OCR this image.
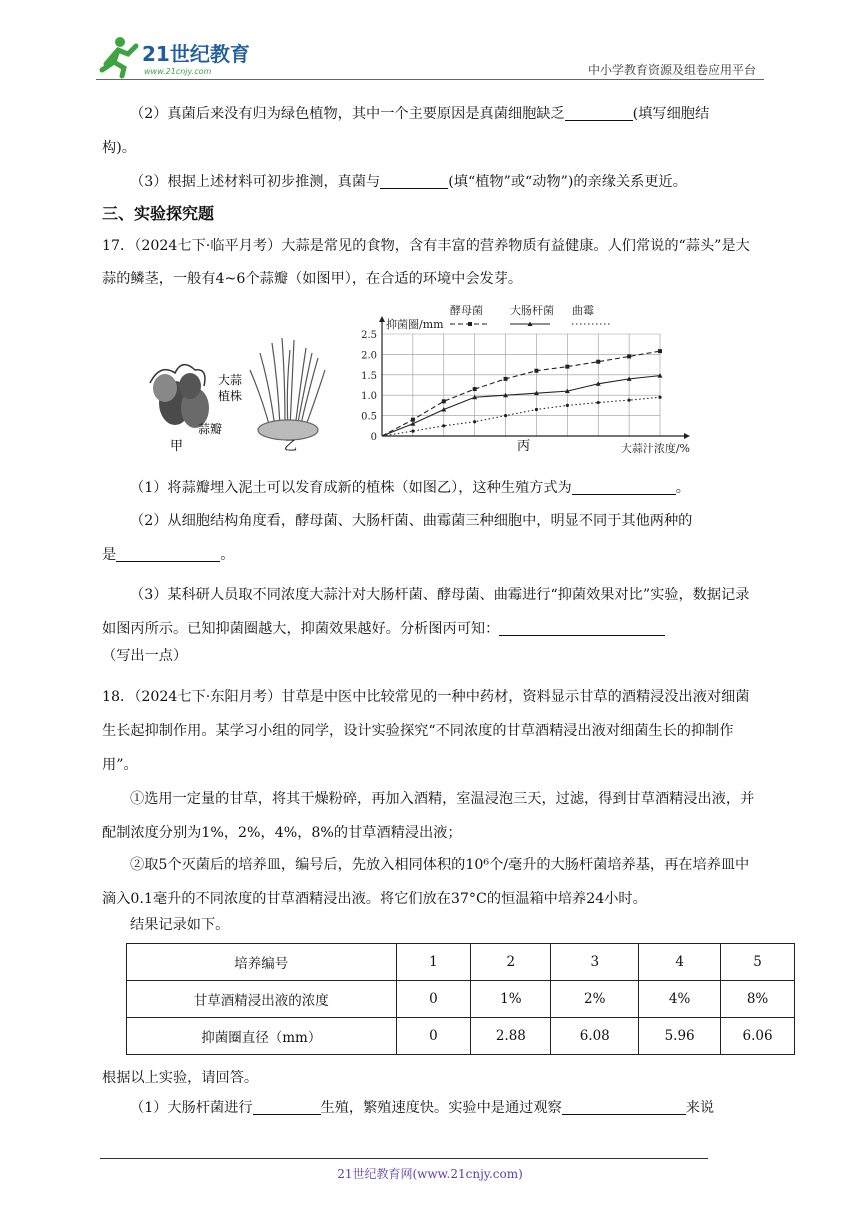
21世纪教育
www.21cnjy.com	中小学教育资源及组卷应用平台
（2）真菌后来没有归为绿色植物，其中一个主要原因是真菌细胞缺乏	(填写细胞结
构)。
（3）根据上述材料可初步推测，真菌与	(填“植物”或“动物”)的亲缘关系更近。
三、实验探究题
17．（2024七下·临平月考）大蒜是常见的食物，含有丰富的营养物质有益健康。人们常说的“蒜头”是大蒜的鳞茎，一般有4~6个蒜瓣（如图甲），在合适的环境中会发芽。
甲
蒜瓣
大蒜
植株
乙
0
0.5
1.0
1.5
2.0
2.5
抑菌圈/mm
大蒜汁浓度/%
酵母菌 大肠杆菌 曲霉
丙
（1）将蒜瓣埋入泥土可以发育成新的植株（如图乙），这种生殖方式为	。
（2）从细胞结构角度看，酵母菌、大肠杆菌、曲霉菌三种细胞中，明显不同于其他两种的
是	。
（3）某科研人员取不同浓度大蒜汁对大肠杆菌、酵母菌、曲霉进行“抑菌效果对比”实验，数据记录如图丙所示。已知抑菌圈越大，抑菌效果越好。分析图丙可知：
（写出一点）
18．（2024七下·东阳月考）甘草是中医中比较常见的一种中药材，资料显示甘草的酒精浸没出液对细菌生长起抑制作用。某学习小组的同学，设计实验探究“不同浓度的甘草酒精浸出液对细菌生长的抑制作用”。
①选用一定量的甘草，将其干燥粉碎，再加入酒精，室温浸泡三天，过滤，得到甘草酒精浸出液，并配制浓度分别为1%，2%，4%，8%的甘草酒精浸出液；
②取5个灭菌后的培养皿，编号后，先放入相同体积的10⁶个/毫升的大肠杆菌培养基，再在培养皿中滴入0.1毫升的不同浓度的甘草酒精浸出液。将它们放在37°C的恒温箱中培养24小时。
结果记录如下。
培养编号	1	2	3	4	5
甘草酒精浸出液的浓度	0	1%	2%	4%	8%
抑菌圈直径（mm）	0	2.88	6.08	5.96	6.06
根据以上实验，请回答。
（1）大肠杆菌进行	生殖，繁殖速度快。实验中是通过观察	来说
21世纪教育网(www.21cnjy.com)
